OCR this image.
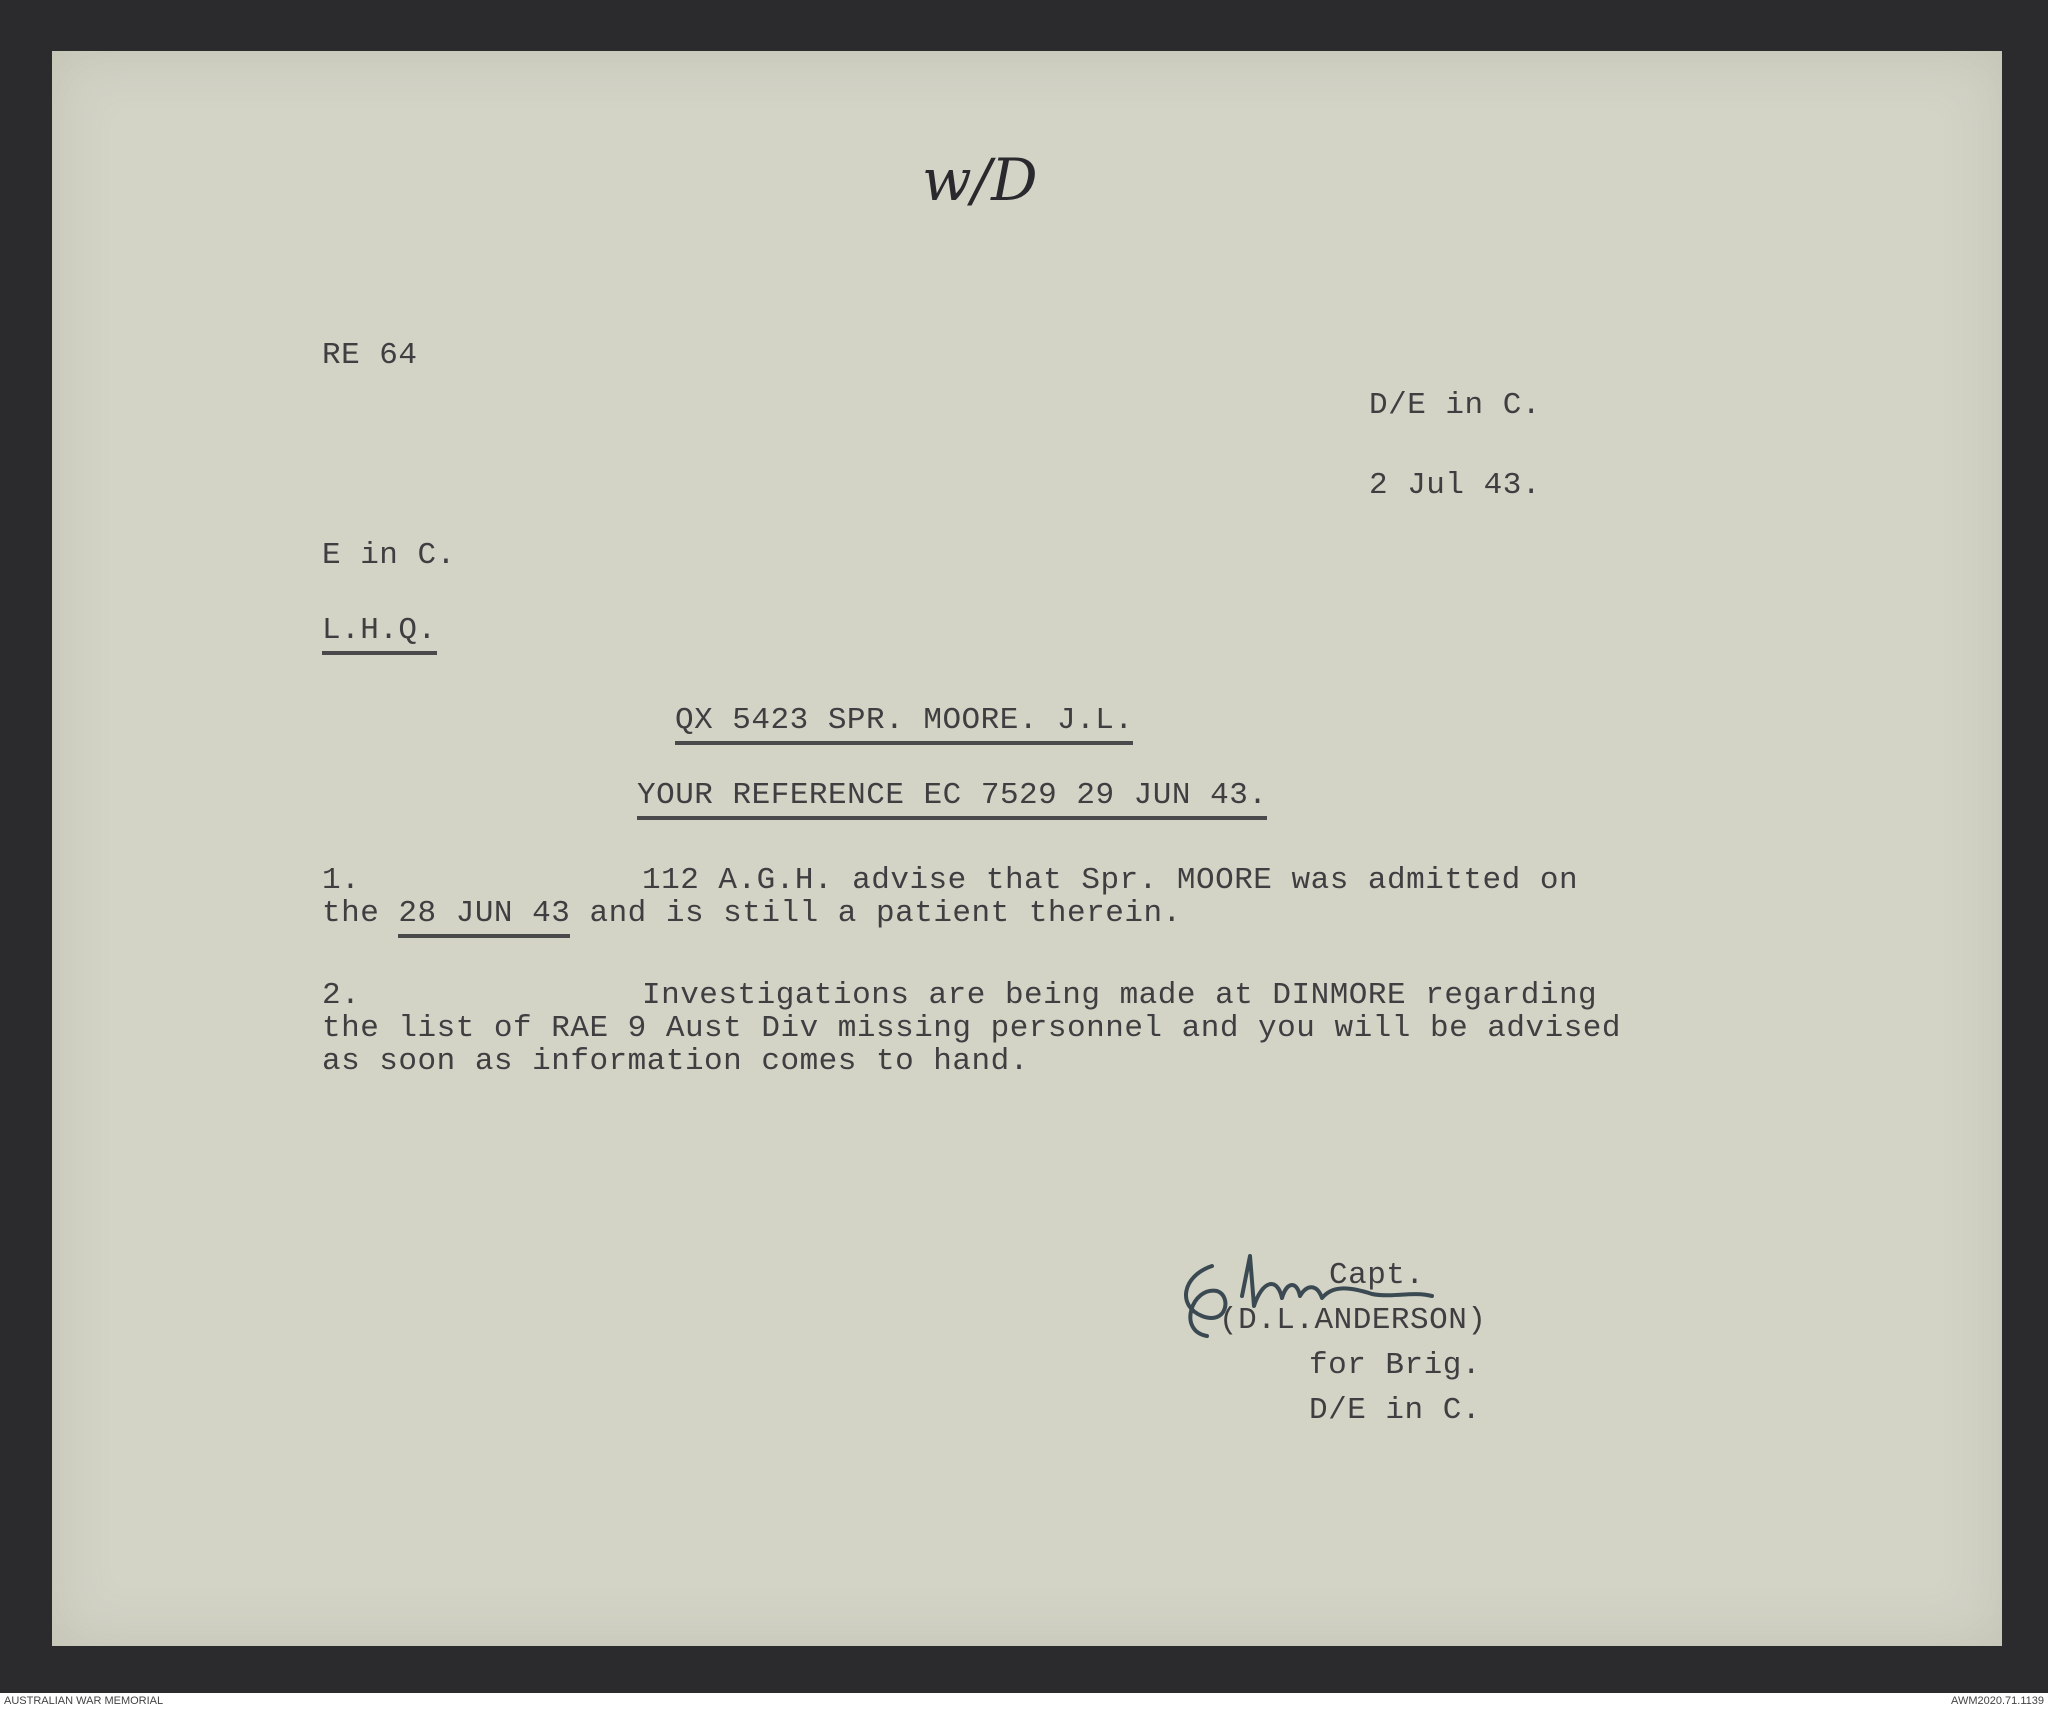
w/D

RE 64

D/E in C.

2 Jul 43.

E in C.

L.H.Q.

QX 5423 SPR. MOORE. J.L.

YOUR REFERENCE EC 7529 29 JUN 43.

1.	112 A.G.H. advise that Spr. MOORE was admitted on

the 28 JUN 43 and is still a patient therein.

2.	Investigations are being made at DINMORE regarding

the list of RAE 9 Aust Div missing personnel and you will be advised

as soon as information comes to hand.

Capt.

(D.L.ANDERSON)

for Brig.

D/E in C.

AUSTRALIAN WAR MEMORIAL	AWM2020.71.1139
